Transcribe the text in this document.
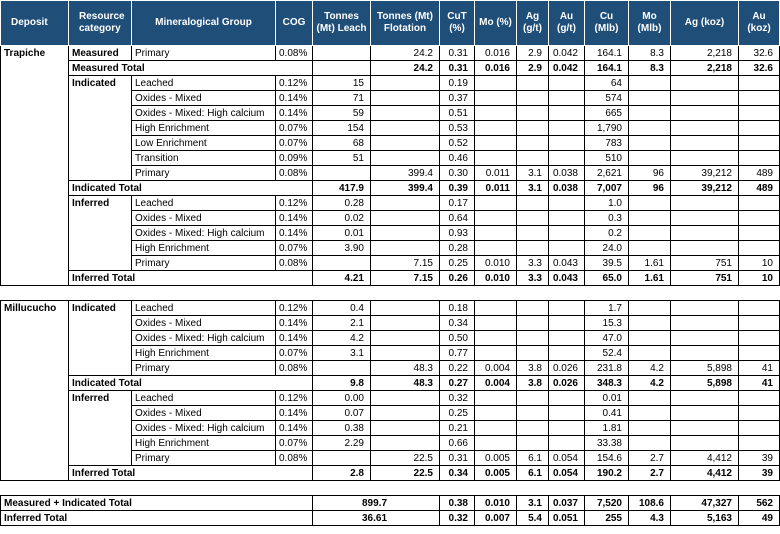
Deposit	Resource category	Mineralogical Group	COG	Tonnes (Mt) Leach	Tonnes (Mt) Flotation	CuT (%)	Mo (%)	Ag (g/t)	Au (g/t)	Cu (Mlb)	Mo (Mlb)	Ag (koz)	Au (koz)
Trapiche	Measured	Primary	0.08%		24.2	0.31	0.016	2.9	0.042	164.1	8.3	2,218	32.6
	Measured Total				24.2	0.31	0.016	2.9	0.042	164.1	8.3	2,218	32.6
	Indicated	Leached	0.12%	15		0.19				64			
		Oxides - Mixed	0.14%	71		0.37				574			
		Oxides - Mixed: High calcium	0.14%	59		0.51				665			
		High Enrichment	0.07%	154		0.53				1,790			
		Low Enrichment	0.07%	68		0.52				783			
		Transition	0.09%	51		0.46				510			
		Primary	0.08%		399.4	0.30	0.011	3.1	0.038	2,621	96	39,212	489
	Indicated Total			417.9	399.4	0.39	0.011	3.1	0.038	7,007	96	39,212	489
	Inferred	Leached	0.12%	0.28		0.17				1.0			
		Oxides - Mixed	0.14%	0.02		0.64				0.3			
		Oxides - Mixed: High calcium	0.14%	0.01		0.93				0.2			
		High Enrichment	0.07%	3.90		0.28				24.0			
		Primary	0.08%		7.15	0.25	0.010	3.3	0.043	39.5	1.61	751	10
	Inferred Total			4.21	7.15	0.26	0.010	3.3	0.043	65.0	1.61	751	10

Millucucho	Indicated	Leached	0.12%	0.4		0.18				1.7			
		Oxides - Mixed	0.14%	2.1		0.34				15.3			
		Oxides - Mixed: High calcium	0.14%	4.2		0.50				47.0			
		High Enrichment	0.07%	3.1		0.77				52.4			
		Primary	0.08%		48.3	0.22	0.004	3.8	0.026	231.8	4.2	5,898	41
	Indicated Total			9.8	48.3	0.27	0.004	3.8	0.026	348.3	4.2	5,898	41
	Inferred	Leached	0.12%	0.00		0.32				0.01			
		Oxides - Mixed	0.14%	0.07		0.25				0.41			
		Oxides - Mixed: High calcium	0.14%	0.38		0.21				1.81			
		High Enrichment	0.07%	2.29		0.66				33.38			
		Primary	0.08%		22.5	0.31	0.005	6.1	0.054	154.6	2.7	4,412	39
	Inferred Total			2.8	22.5	0.34	0.005	6.1	0.054	190.2	2.7	4,412	39

Measured + Indicated Total				899.7		0.38	0.010	3.1	0.037	7,520	108.6	47,327	562
Inferred Total				36.61		0.32	0.007	5.4	0.051	255	4.3	5,163	49
